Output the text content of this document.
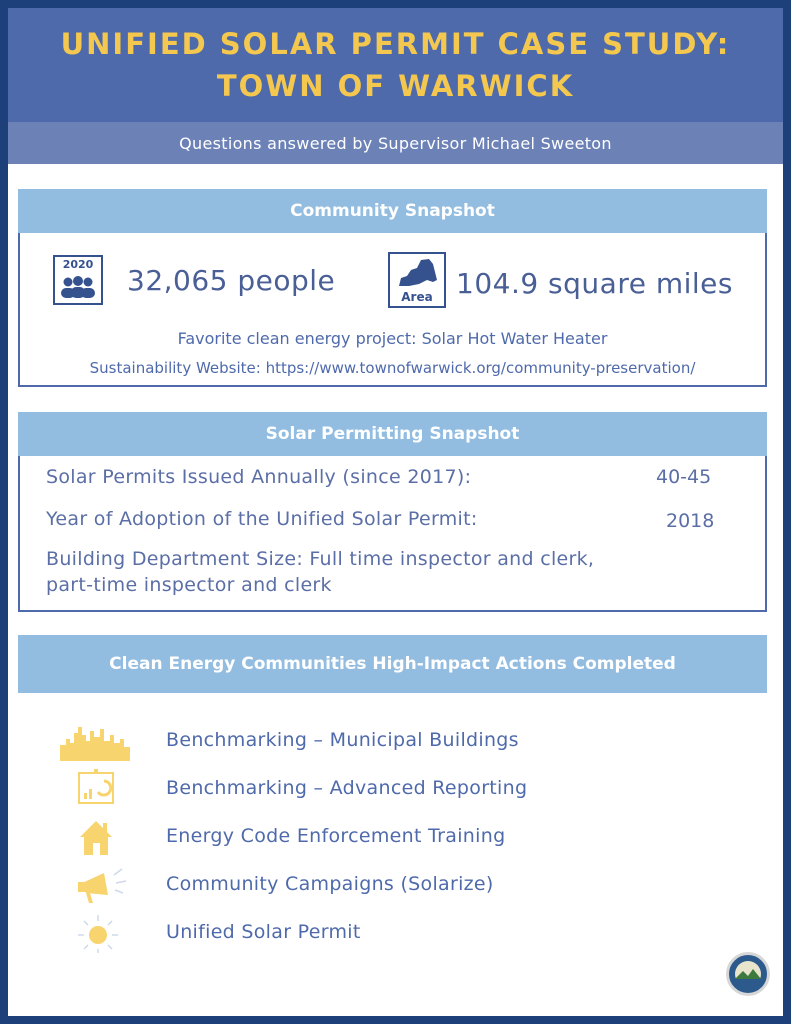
UNIFIED SOLAR PERMIT CASE STUDY:

TOWN OF WARWICK

Questions answered by Supervisor Michael Sweeton
Community Snapshot
2020 32,065 people
Area 104.9 square miles
Favorite clean energy project: Solar Hot Water Heater
Sustainability Website: https://www.townofwarwick.org/community-preservation/
Solar Permitting Snapshot
Solar Permits Issued Annually (since 2017):	40-45
Year of Adoption of the Unified Solar Permit:	2018
Building Department Size: Full time inspector and clerk,
part-time inspector and clerk
Clean Energy Communities High-Impact Actions Completed
Benchmarking – Municipal Buildings
Benchmarking – Advanced Reporting
Energy Code Enforcement Training
Community Campaigns (Solarize)
Unified Solar Permit
